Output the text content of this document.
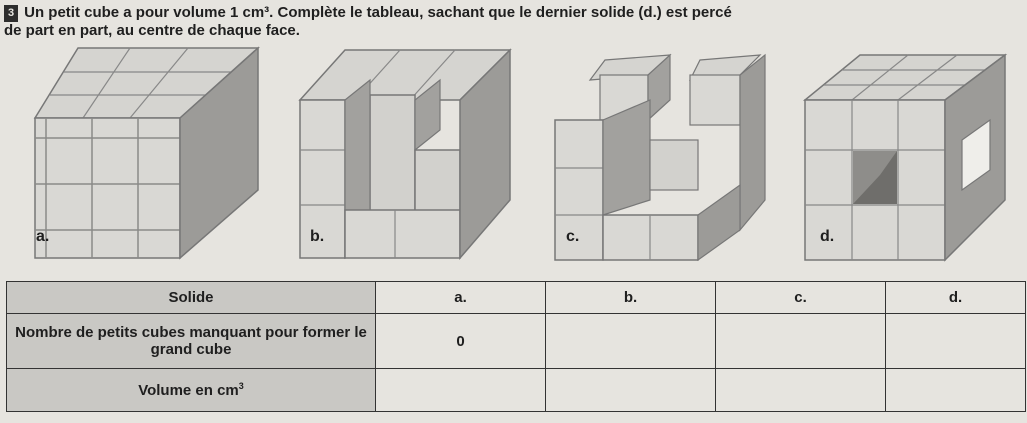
3 Un petit cube a pour volume 1 cm³. Complète le tableau, sachant que le dernier solide (d.) est percé
de part en part, au centre de chaque face.
a.	b.	c.	d.
Solide	a.	b.	c.	d.
Nombre de petits cubes manquant pour former le grand cube	0			
Volume en $cm^3$				
